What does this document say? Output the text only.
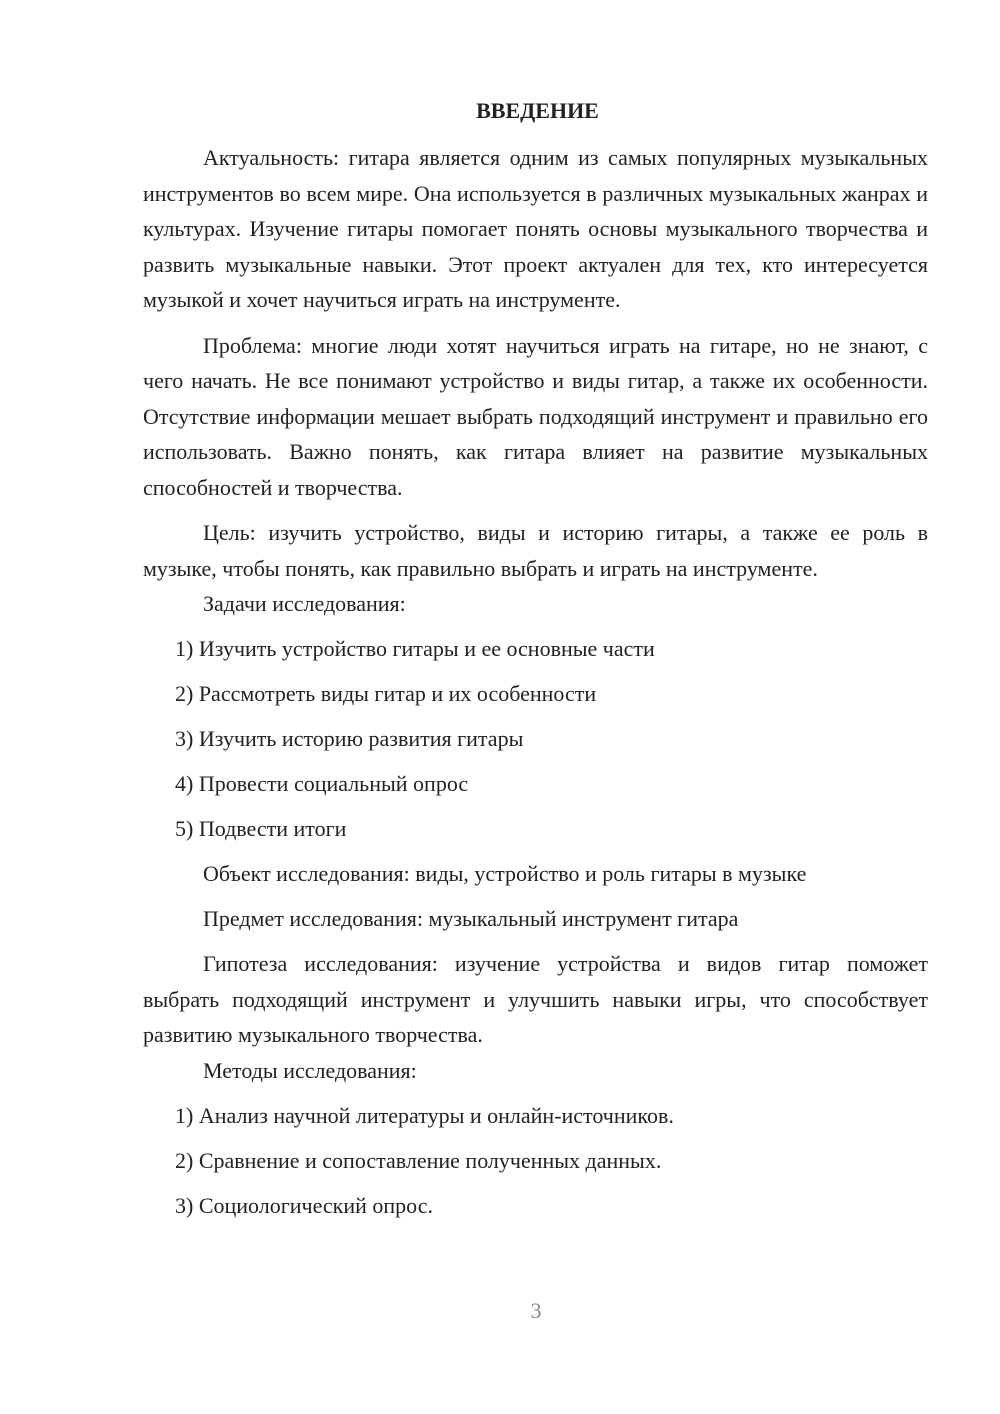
ВВЕДЕНИЕ

Актуальность: гитара является одним из самых популярных музыкальных инструментов во всем мире. Она используется в различных музыкальных жанрах и культурах. Изучение гитары помогает понять основы музыкального творчества и развить музыкальные навыки. Этот проект актуален для тех, кто интересуется музыкой и хочет научиться играть на инструменте.

Проблема: многие люди хотят научиться играть на гитаре, но не знают, с чего начать. Не все понимают устройство и виды гитар, а также их особенности. Отсутствие информации мешает выбрать подходящий инструмент и правильно его использовать. Важно понять, как гитара влияет на развитие музыкальных способностей и творчества.

Цель: изучить устройство, виды и историю гитары, а также ее роль в музыке, чтобы понять, как правильно выбрать и играть на инструменте.

Задачи исследования:
1) Изучить устройство гитары и ее основные части
2) Рассмотреть виды гитар и их особенности
3) Изучить историю развития гитары
4) Провести социальный опрос
5) Подвести итоги
Объект исследования: виды, устройство и роль гитары в музыке
Предмет исследования: музыкальный инструмент гитара

Гипотеза исследования: изучение устройства и видов гитар поможет выбрать подходящий инструмент и улучшить навыки игры, что способствует развитию музыкального творчества.

Методы исследования:
1) Анализ научной литературы и онлайн-источников.
2) Сравнение и сопоставление полученных данных.
3) Социологический опрос.
3
